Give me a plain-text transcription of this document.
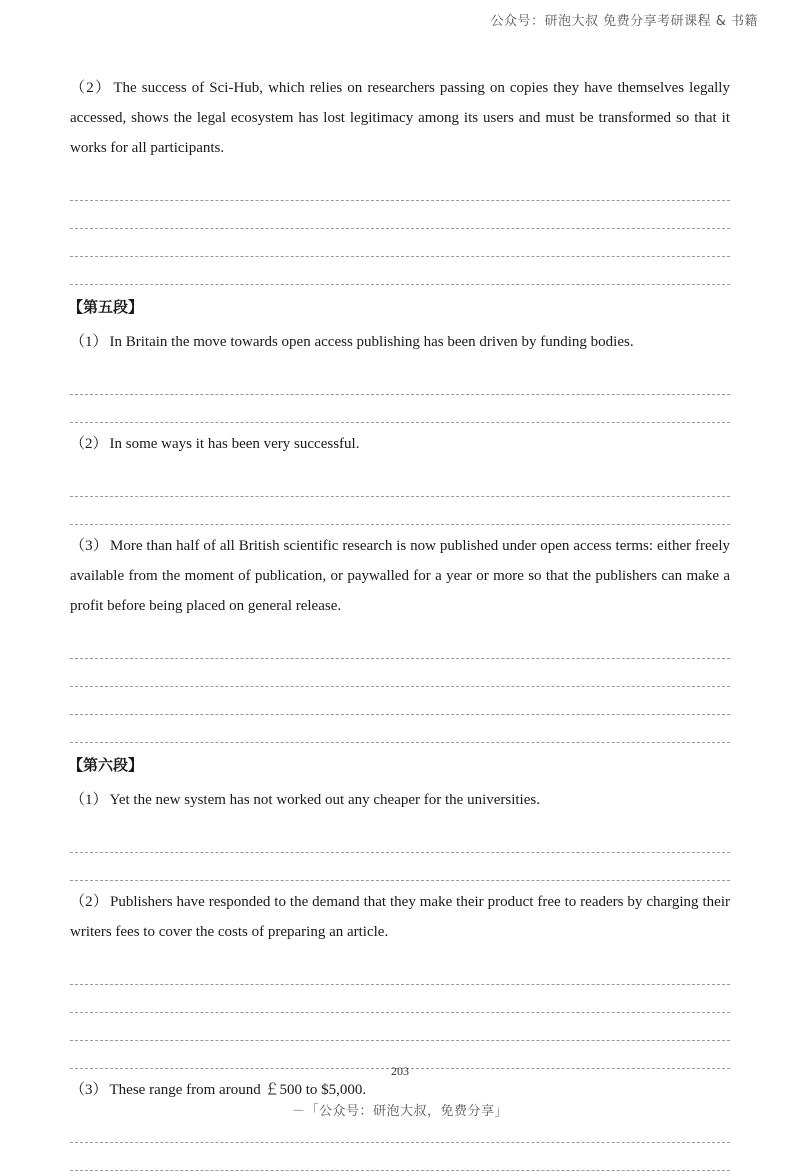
公众号：研泡大叔 免费分享考研课程 & 书籍

（2） The success of Sci-Hub, which relies on researchers passing on copies they have themselves legally accessed, shows the legal ecosystem has lost legitimacy among its users and must be transformed so that it works for all participants.

【第五段】

（1） In Britain the move towards open access publishing has been driven by funding bodies.

（2） In some ways it has been very successful.

（3） More than half of all British scientific research is now published under open access terms: either freely available from the moment of publication, or paywalled for a year or more so that the publishers can make a profit before being placed on general release.

【第六段】

（1） Yet the new system has not worked out any cheaper for the universities.

（2） Publishers have responded to the demand that they make their product free to readers by charging their writers fees to cover the costs of preparing an article.

（3） These range from around ￡500 to $5,000.

203
－「公众号：研泡大叔，免费分享」
